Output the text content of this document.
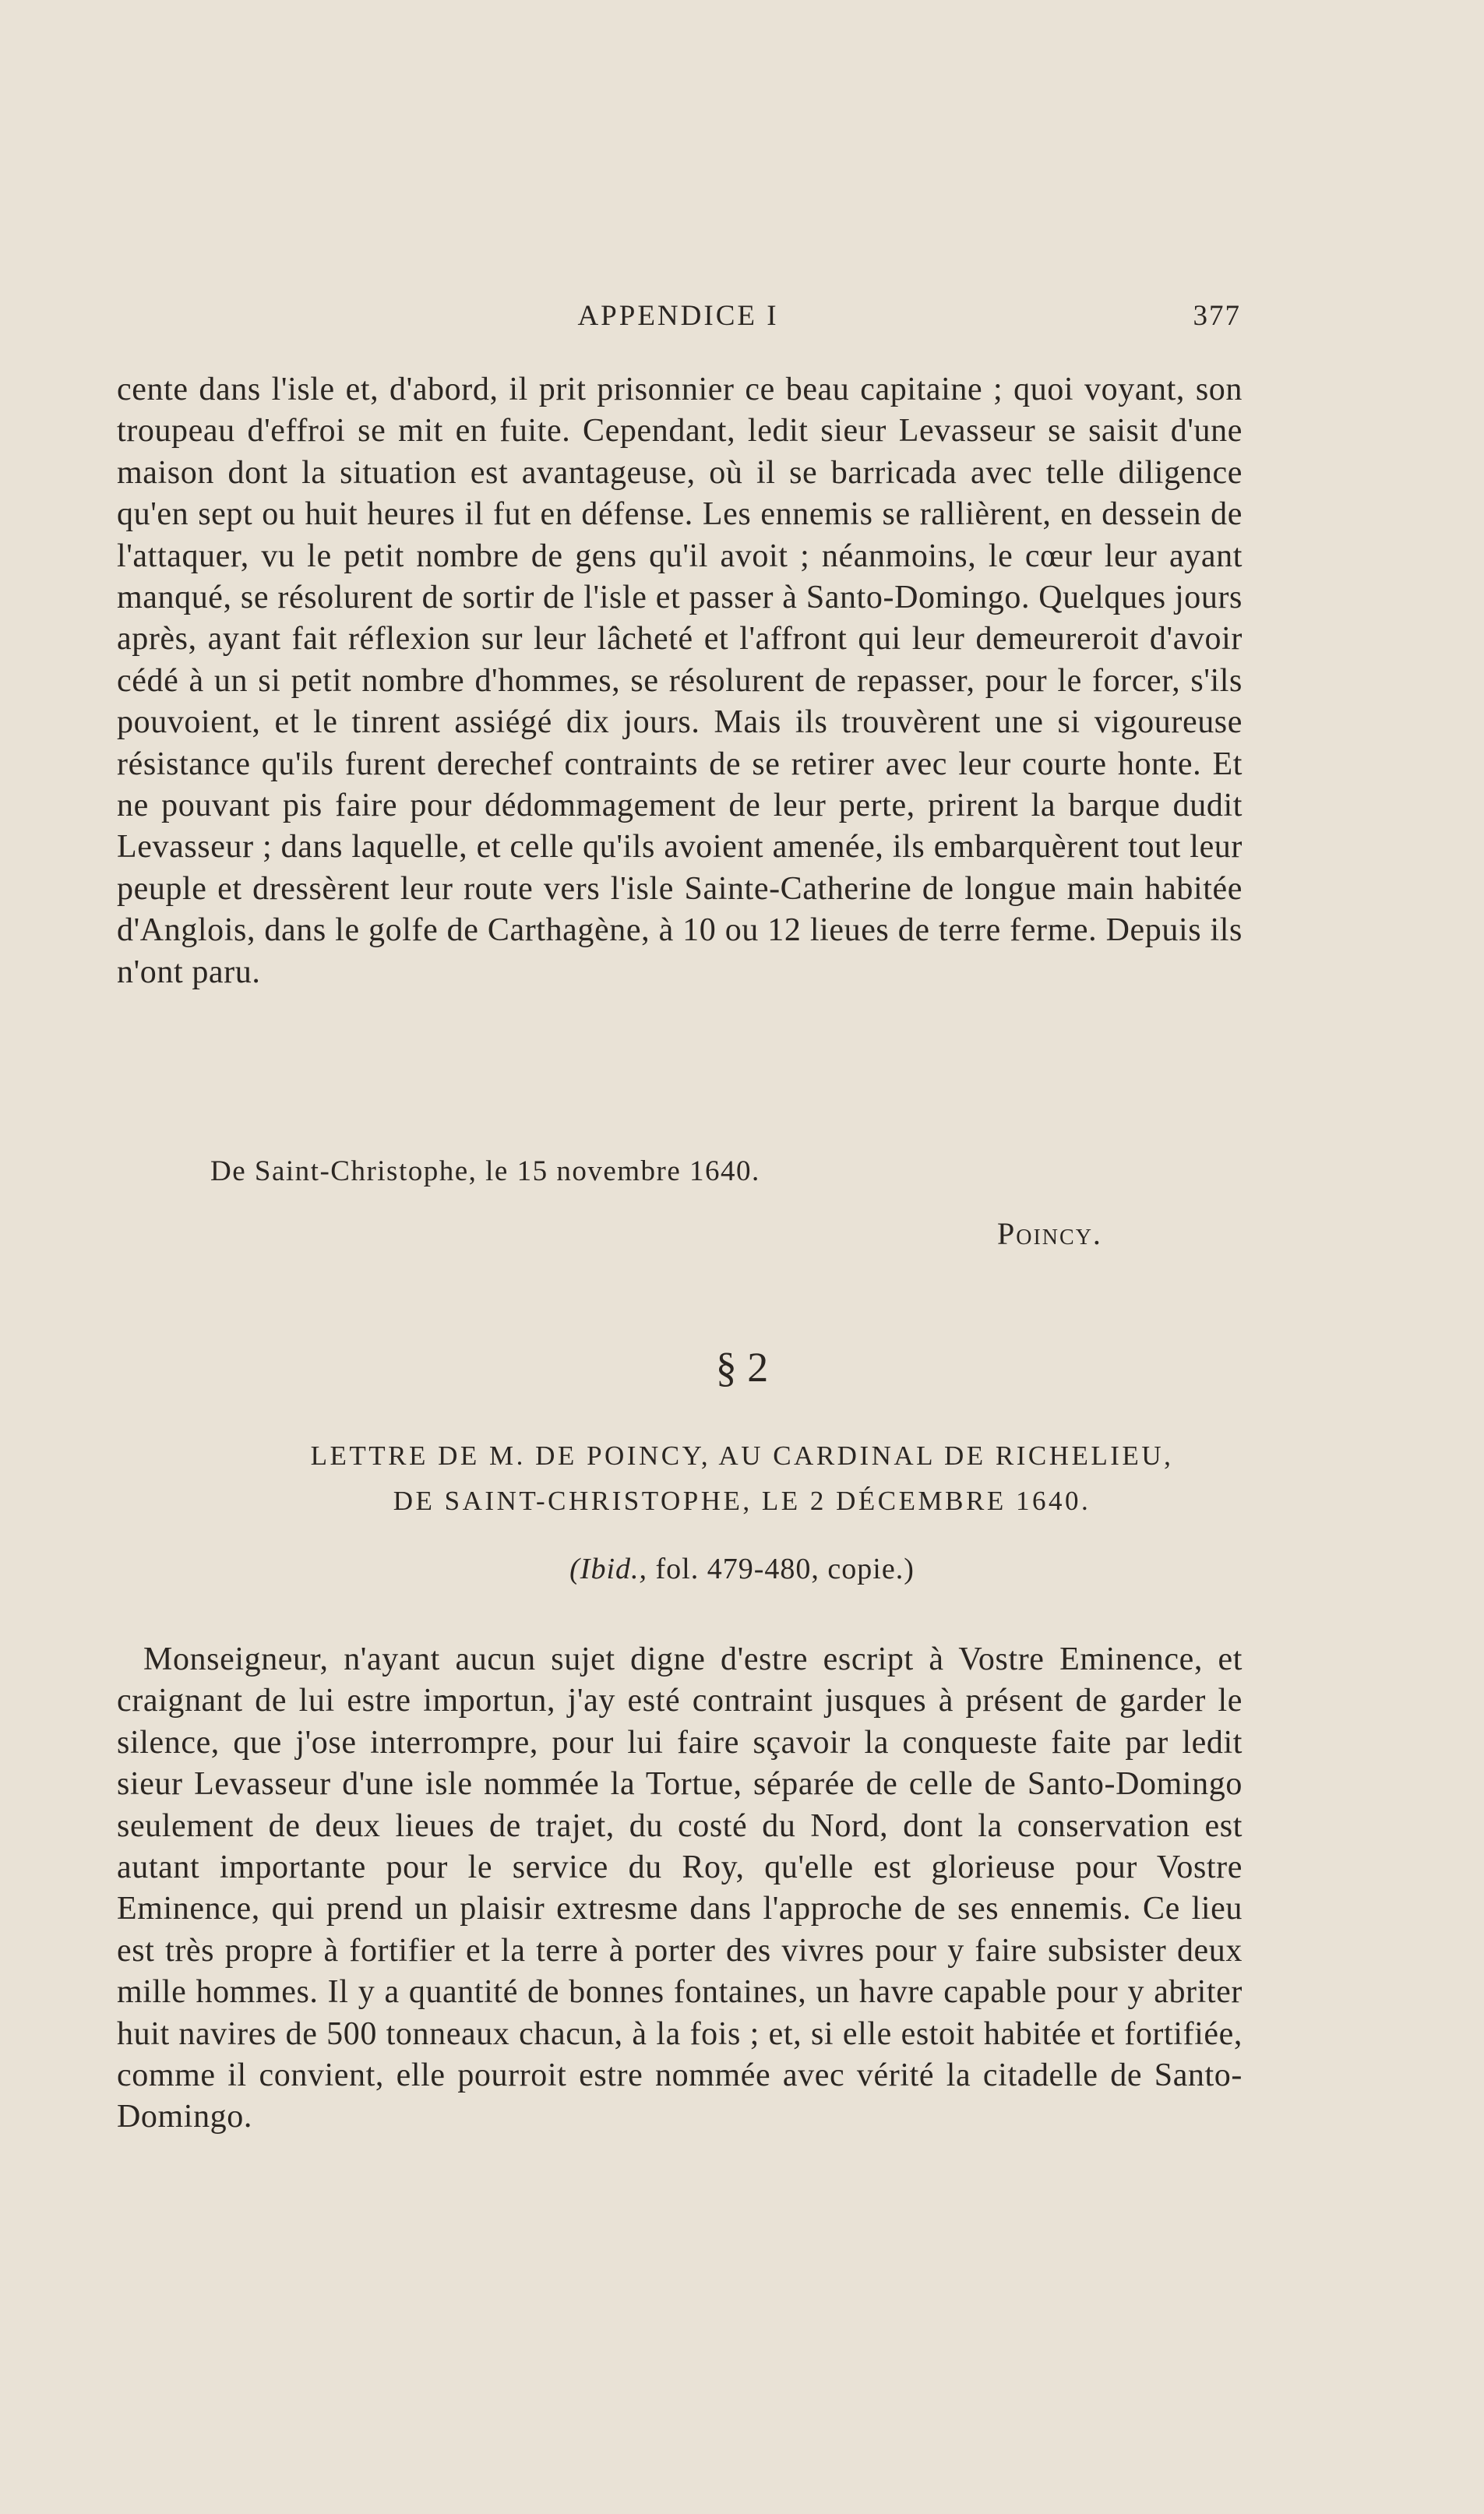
APPENDICE I	377

cente dans l'isle et, d'abord, il prit prisonnier ce beau capitaine ; quoi voyant, son troupeau d'effroi se mit en fuite. Cependant, ledit sieur Levasseur se saisit d'une maison dont la situation est avantageuse, où il se barricada avec telle diligence qu'en sept ou huit heures il fut en défense. Les ennemis se rallièrent, en dessein de l'attaquer, vu le petit nombre de gens qu'il avoit ; néanmoins, le cœur leur ayant manqué, se résolurent de sortir de l'isle et passer à Santo-Domingo. Quelques jours après, ayant fait réflexion sur leur lâcheté et l'affront qui leur demeureroit d'avoir cédé à un si petit nombre d'hommes, se résolurent de repasser, pour le forcer, s'ils pouvoient, et le tinrent assiégé dix jours. Mais ils trouvèrent une si vigoureuse résistance qu'ils furent derechef contraints de se retirer avec leur courte honte. Et ne pouvant pis faire pour dédommagement de leur perte, prirent la barque dudit Levasseur ; dans laquelle, et celle qu'ils avoient amenée, ils embarquèrent tout leur peuple et dressèrent leur route vers l'isle Sainte-Catherine de longue main habitée d'Anglois, dans le golfe de Carthagène, à 10 ou 12 lieues de terre ferme. Depuis ils n'ont paru.

De Saint-Christophe, le 15 novembre 1640.
Poincy.
§ 2
LETTRE DE M. DE POINCY, AU CARDINAL DE RICHELIEU,
DE SAINT-CHRISTOPHE, LE 2 DÉCEMBRE 1640.
(Ibid., fol. 479-480, copie.)

Monseigneur, n'ayant aucun sujet digne d'estre escript à Vostre Eminence, et craignant de lui estre importun, j'ay esté contraint jusques à présent de garder le silence, que j'ose interrompre, pour lui faire sçavoir la conqueste faite par ledit sieur Levasseur d'une isle nommée la Tortue, séparée de celle de Santo-Domingo seulement de deux lieues de trajet, du costé du Nord, dont la conservation est autant importante pour le service du Roy, qu'elle est glorieuse pour Vostre Eminence, qui prend un plaisir extresme dans l'approche de ses ennemis. Ce lieu est très propre à fortifier et la terre à porter des vivres pour y faire subsister deux mille hommes. Il y a quantité de bonnes fontaines, un havre capable pour y abriter huit navires de 500 tonneaux chacun, à la fois ; et, si elle estoit habitée et fortifiée, comme il convient, elle pourroit estre nommée avec vérité la citadelle de Santo-Domingo.
